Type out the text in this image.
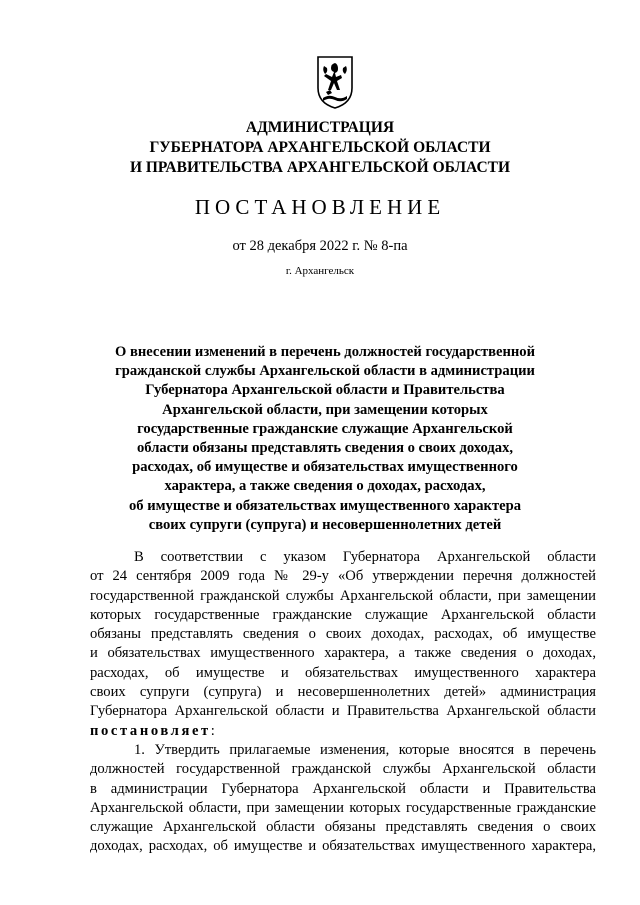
АДМИНИСТРАЦИЯ
ГУБЕРНАТОРА АРХАНГЕЛЬСКОЙ ОБЛАСТИ
И ПРАВИТЕЛЬСТВА АРХАНГЕЛЬСКОЙ ОБЛАСТИ
ПОСТАНОВЛЕНИЕ
от 28 декабря 2022 г. № 8-па
г. Архангельск
О внесении изменений в перечень должностей государственной
гражданской службы Архангельской области в администрации
Губернатора Архангельской области и Правительства
Архангельской области, при замещении которых
государственные гражданские служащие Архангельской
области обязаны представлять сведения о своих доходах,
расходах, об имуществе и обязательствах имущественного
характера, а также сведения о доходах, расходах,
об имуществе и обязательствах имущественного характера
своих супруги (супруга) и несовершеннолетних детей
В соответствии с указом Губернатора Архангельской области
от 24 сентября 2009 года № 29-у «Об утверждении перечня должностей
государственной гражданской службы Архангельской области, при замещении
которых государственные гражданские служащие Архангельской области
обязаны представлять сведения о своих доходах, расходах, об имуществе
и обязательствах имущественного характера, а также сведения о доходах,
расходах, об имуществе и обязательствах имущественного характера
своих супруги (супруга) и несовершеннолетних детей» администрация
Губернатора Архангельской области и Правительства Архангельской области
постановляет:
1. Утвердить прилагаемые изменения, которые вносятся в перечень
должностей государственной гражданской службы Архангельской области
в администрации Губернатора Архангельской области и Правительства
Архангельской области, при замещении которых государственные гражданские
служащие Архангельской области обязаны представлять сведения о своих
доходах, расходах, об имуществе и обязательствах имущественного характера,
